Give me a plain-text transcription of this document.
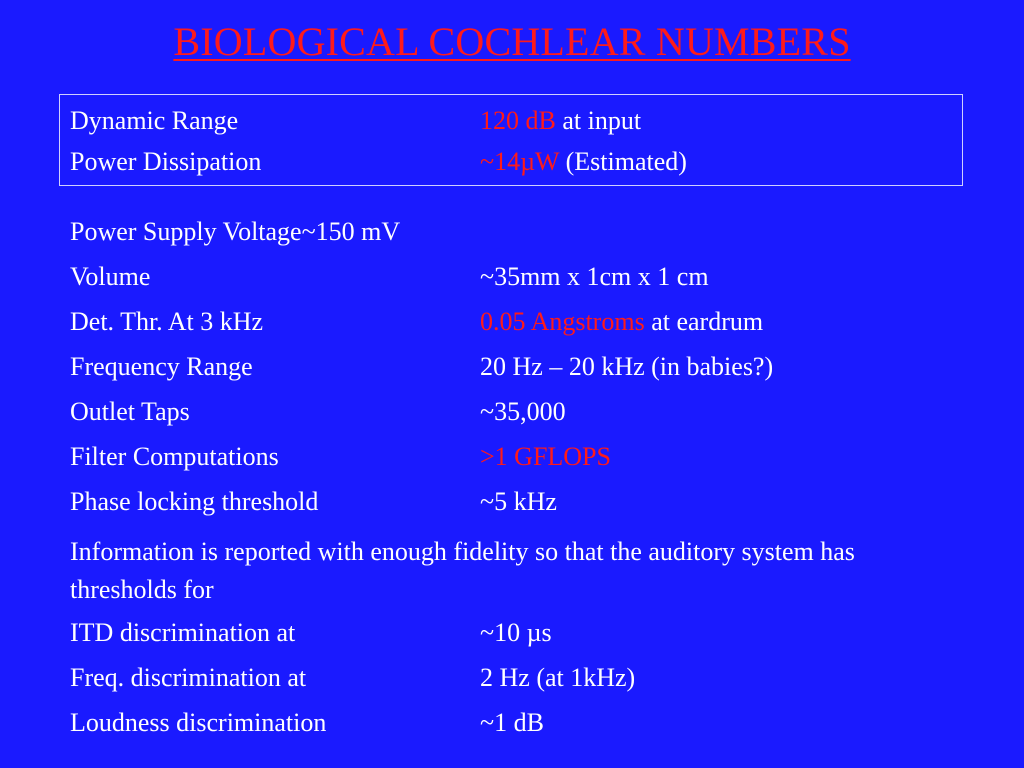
BIOLOGICAL COCHLEAR NUMBERS
Dynamic Range	120 dB at input
Power Dissipation	~14µW (Estimated)
Power Supply Voltage~150 mV
Volume	~35mm x 1cm x 1 cm
Det. Thr. At 3 kHz	0.05 Angstroms at eardrum
Frequency Range	20 Hz – 20 kHz (in babies?)
Outlet Taps	~35,000
Filter Computations	>1 GFLOPS
Phase locking threshold	~5 kHz
Information is reported with enough fidelity so that the auditory system has thresholds for
ITD discrimination at	~10 µs
Freq. discrimination at	2 Hz (at 1kHz)
Loudness discrimination	~1 dB
